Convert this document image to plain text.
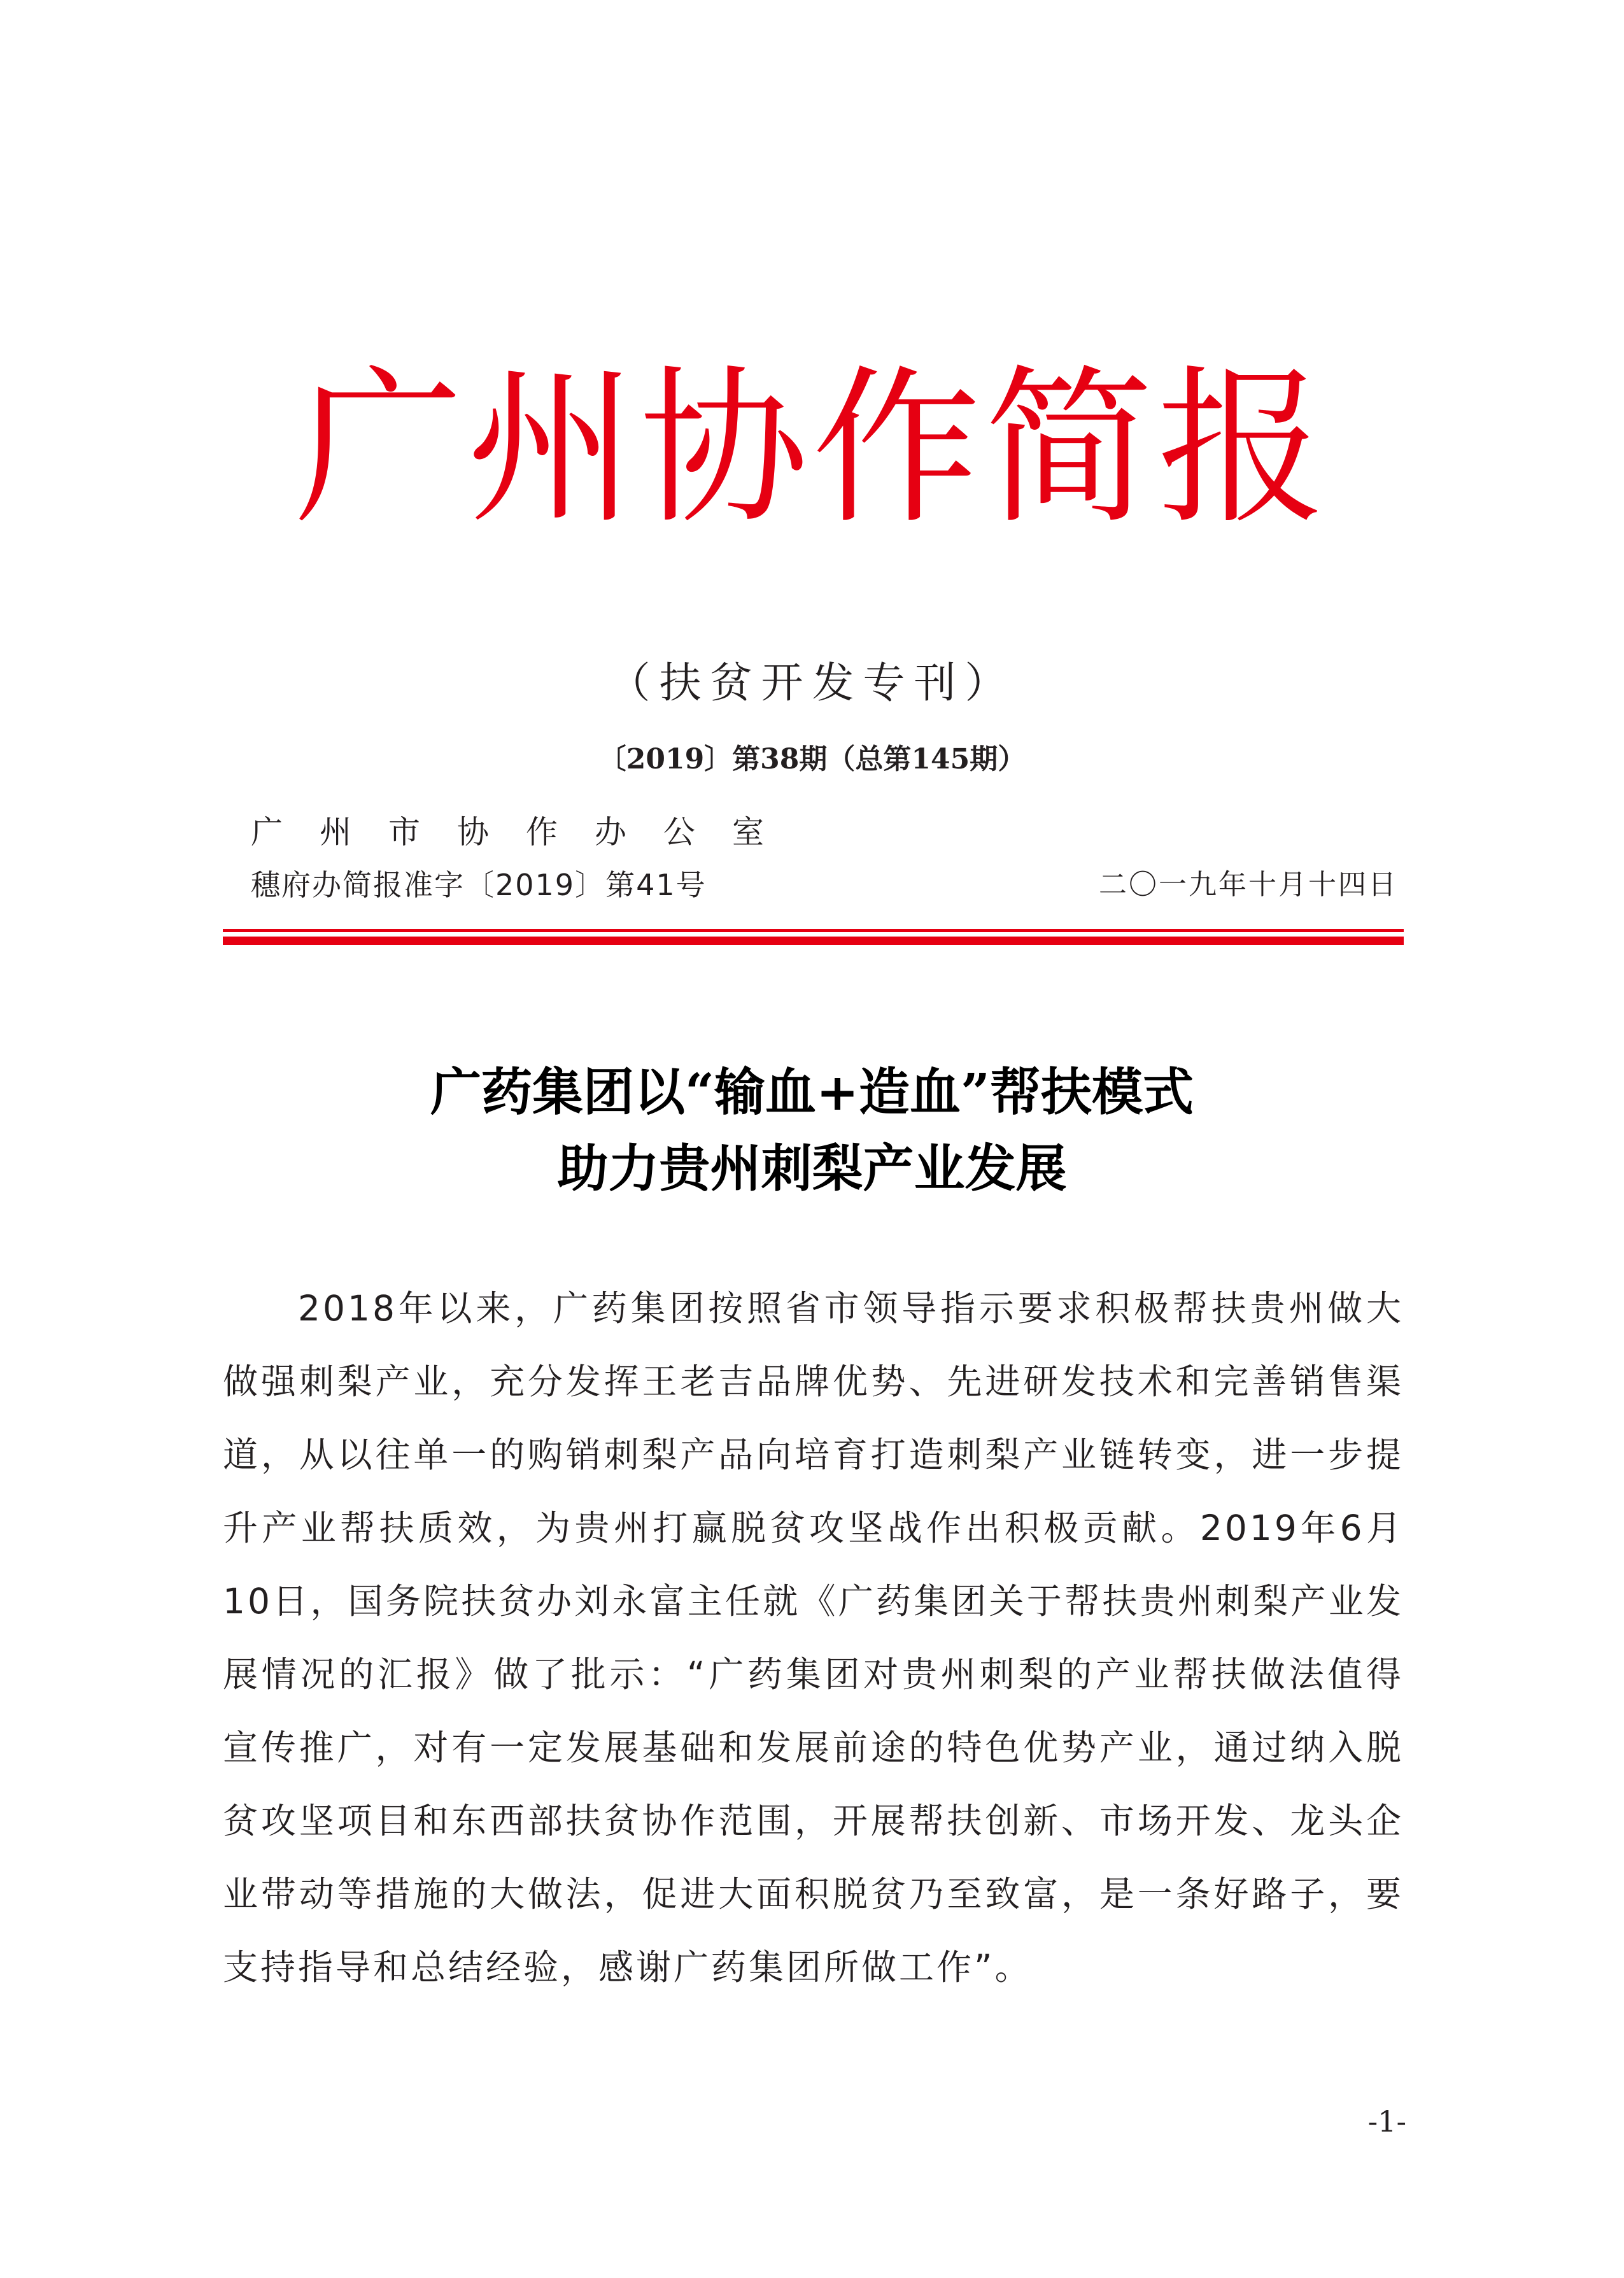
广州协作简报
（扶贫开发专刊）
〔2019〕第38期（总第145期）
广州市协作办公室
穗府办简报准字〔2019〕第41号	二〇一九年十月十四日
广药集团以“输血+造血”帮扶模式
助力贵州刺梨产业发展

2018年以来，广药集团按照省市领导指示要求积极帮扶贵州做大做强刺梨产业，充分发挥王老吉品牌优势、先进研发技术和完善销售渠道，从以往单一的购销刺梨产品向培育打造刺梨产业链转变，进一步提升产业帮扶质效，为贵州打赢脱贫攻坚战作出积极贡献。2019年6月10日，国务院扶贫办刘永富主任就《广药集团关于帮扶贵州刺梨产业发展情况的汇报》做了批示：“广药集团对贵州刺梨的产业帮扶做法值得宣传推广，对有一定发展基础和发展前途的特色优势产业，通过纳入脱贫攻坚项目和东西部扶贫协作范围，开展帮扶创新、市场开发、龙头企业带动等措施的大做法，促进大面积脱贫乃至致富，是一条好路子，要支持指导和总结经验，感谢广药集团所做工作”。

-1-
